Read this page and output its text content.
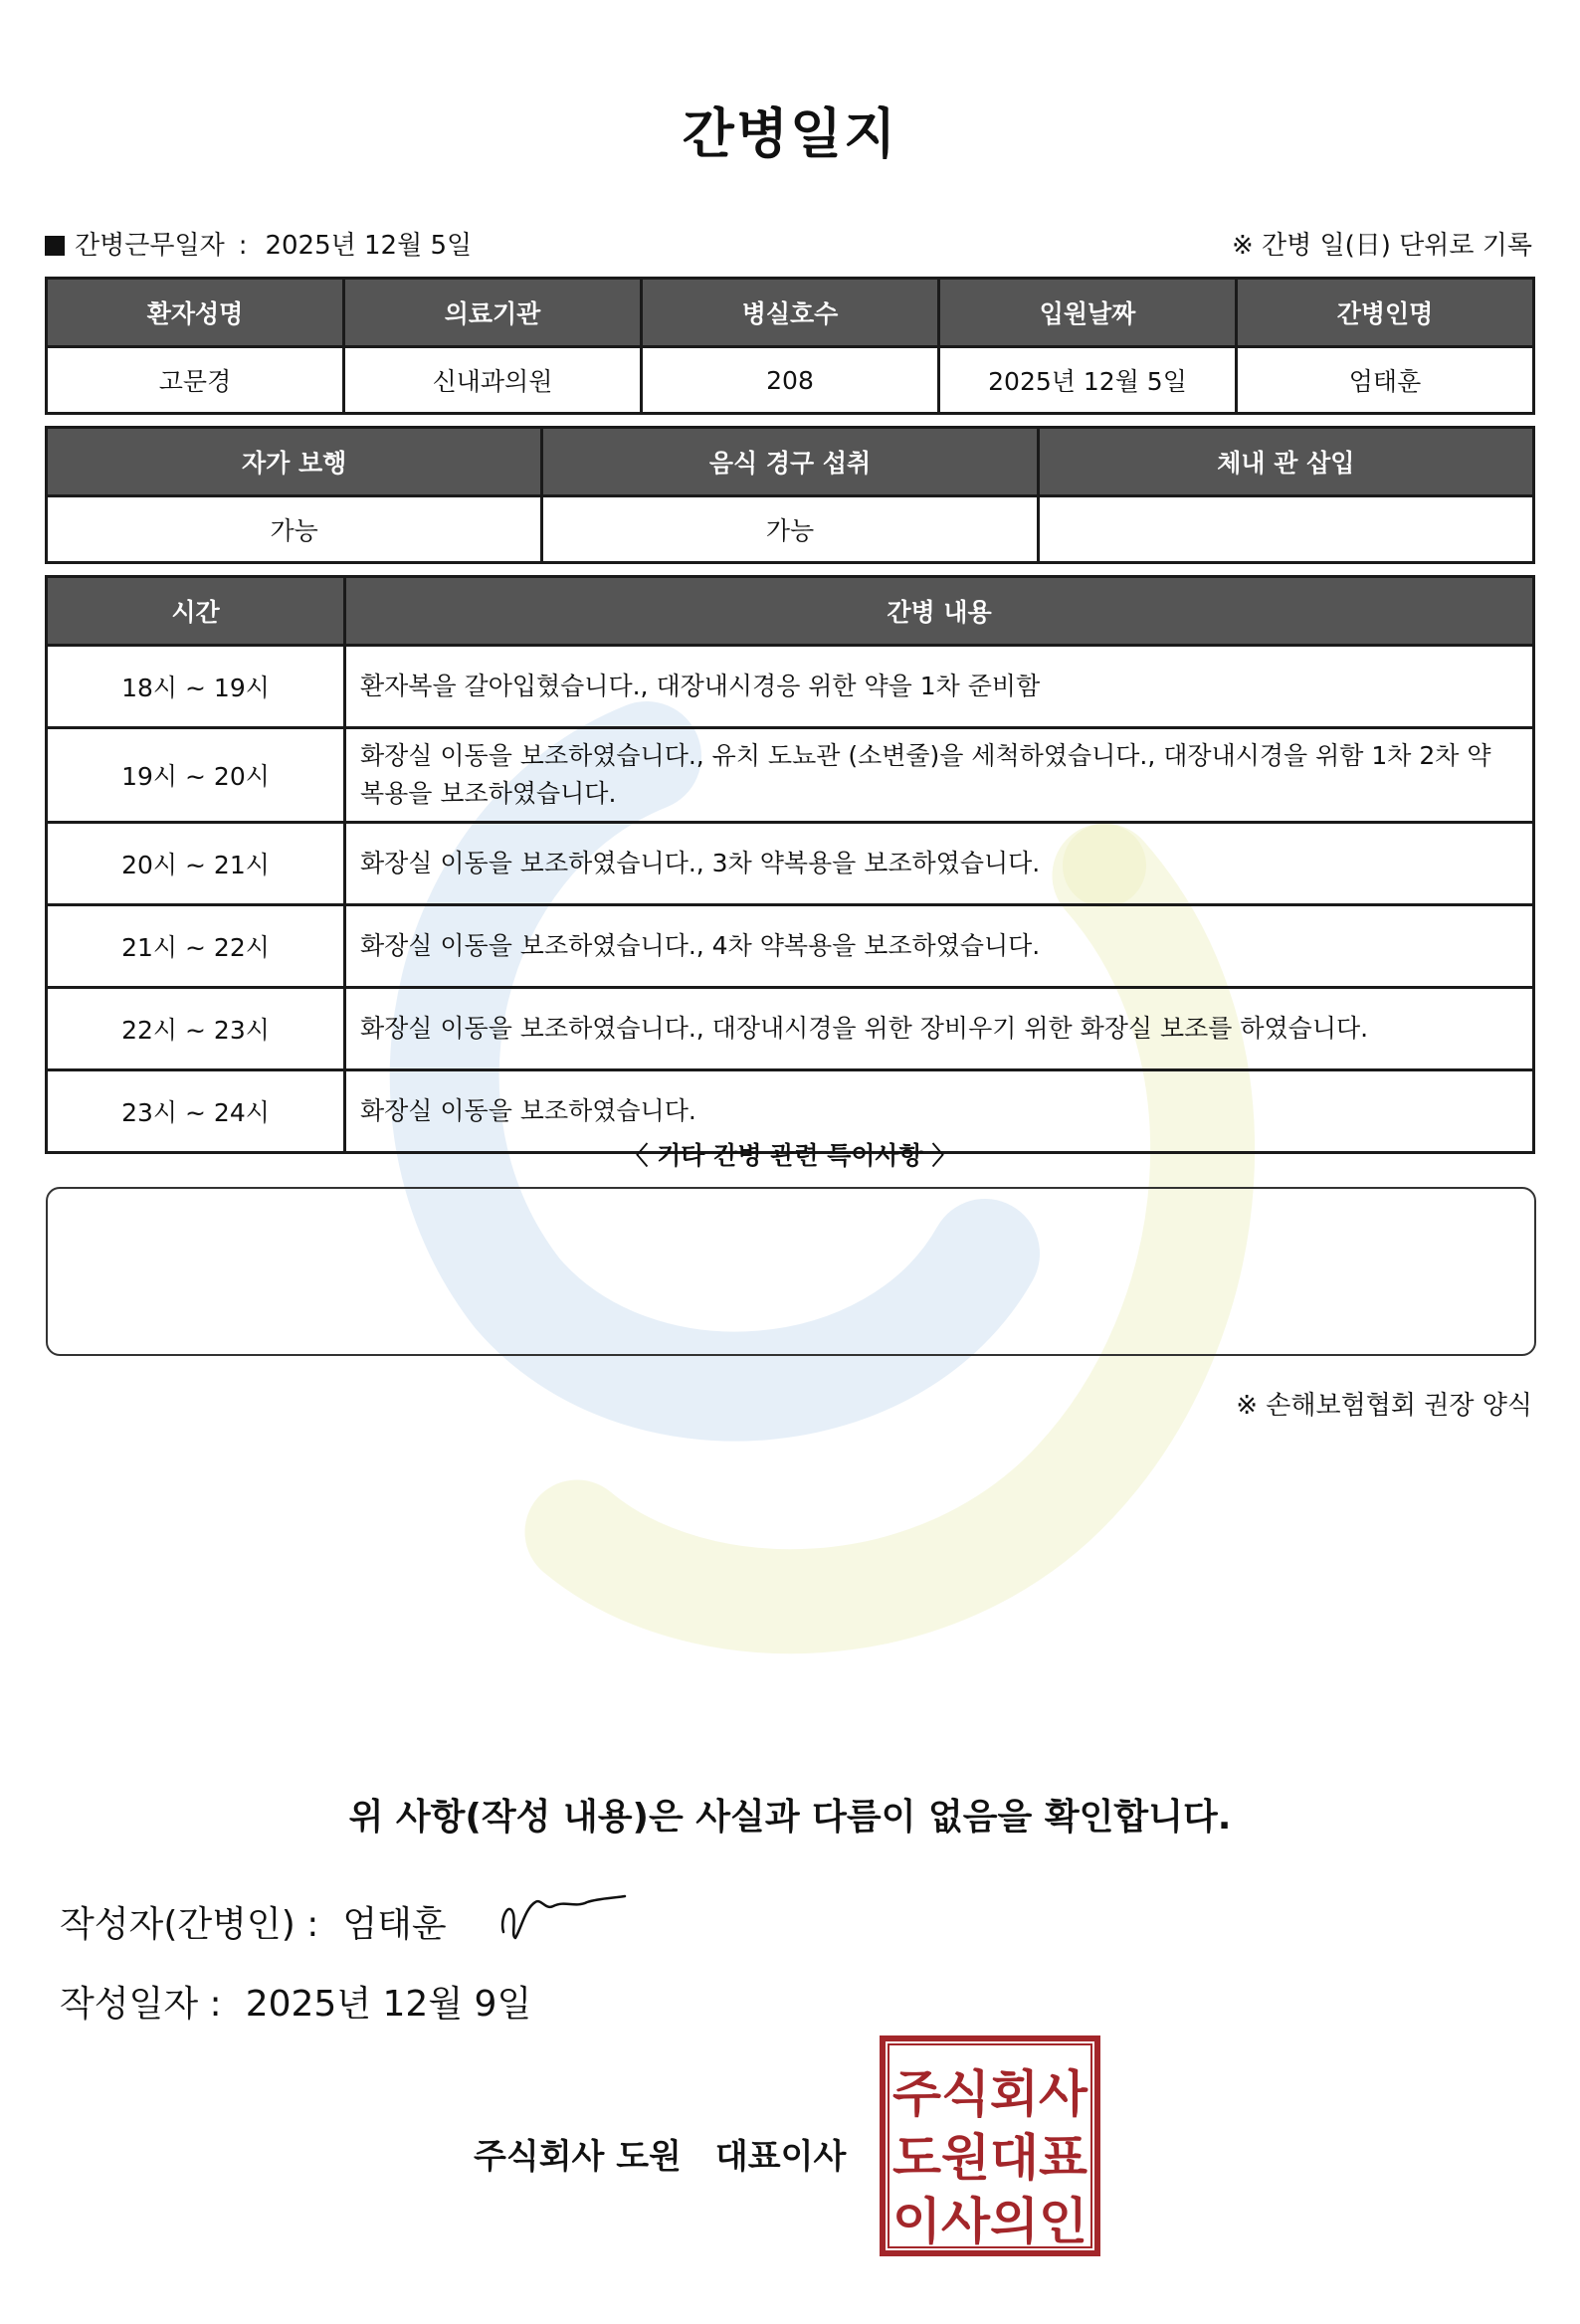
간병일지
간병근무일자 : 2025년 12월 5일	※ 간병 일(日) 단위로 기록
환자성명	의료기관	병실호수	입원날짜	간병인명
고문경	신내과의원	208	2025년 12월 5일	엄태훈
자가 보행	음식 경구 섭취	체내 관 삽입
가능	가능	
시간	간병 내용
18시 ~ 19시	환자복을 갈아입혔습니다., 대장내시경응 위한 약을 1차 준비함
19시 ~ 20시	화장실 이동을 보조하였습니다., 유치 도뇨관 (소변줄)을 세척하였습니다., 대장내시경을 위함 1차 2차 약 복용을 보조하였습니다.
20시 ~ 21시	화장실 이동을 보조하였습니다., 3차 약복용을 보조하였습니다.
21시 ~ 22시	화장실 이동을 보조하였습니다., 4차 약복용을 보조하였습니다.
22시 ~ 23시	화장실 이동을 보조하였습니다., 대장내시경을 위한 장비우기 위한 화장실 보조를 하였습니다.
23시 ~ 24시	화장실 이동을 보조하였습니다.
〈 기타 간병 관련 특이사항 〉
※ 손해보험협회 권장 양식
위 사항(작성 내용)은 사실과 다름이 없음을 확인합니다.
작성자(간병인) : 엄태훈
작성일자 : 2025년 12월 9일
주식회사 도원 대표이사
주식회사
도원대표
이사의인
